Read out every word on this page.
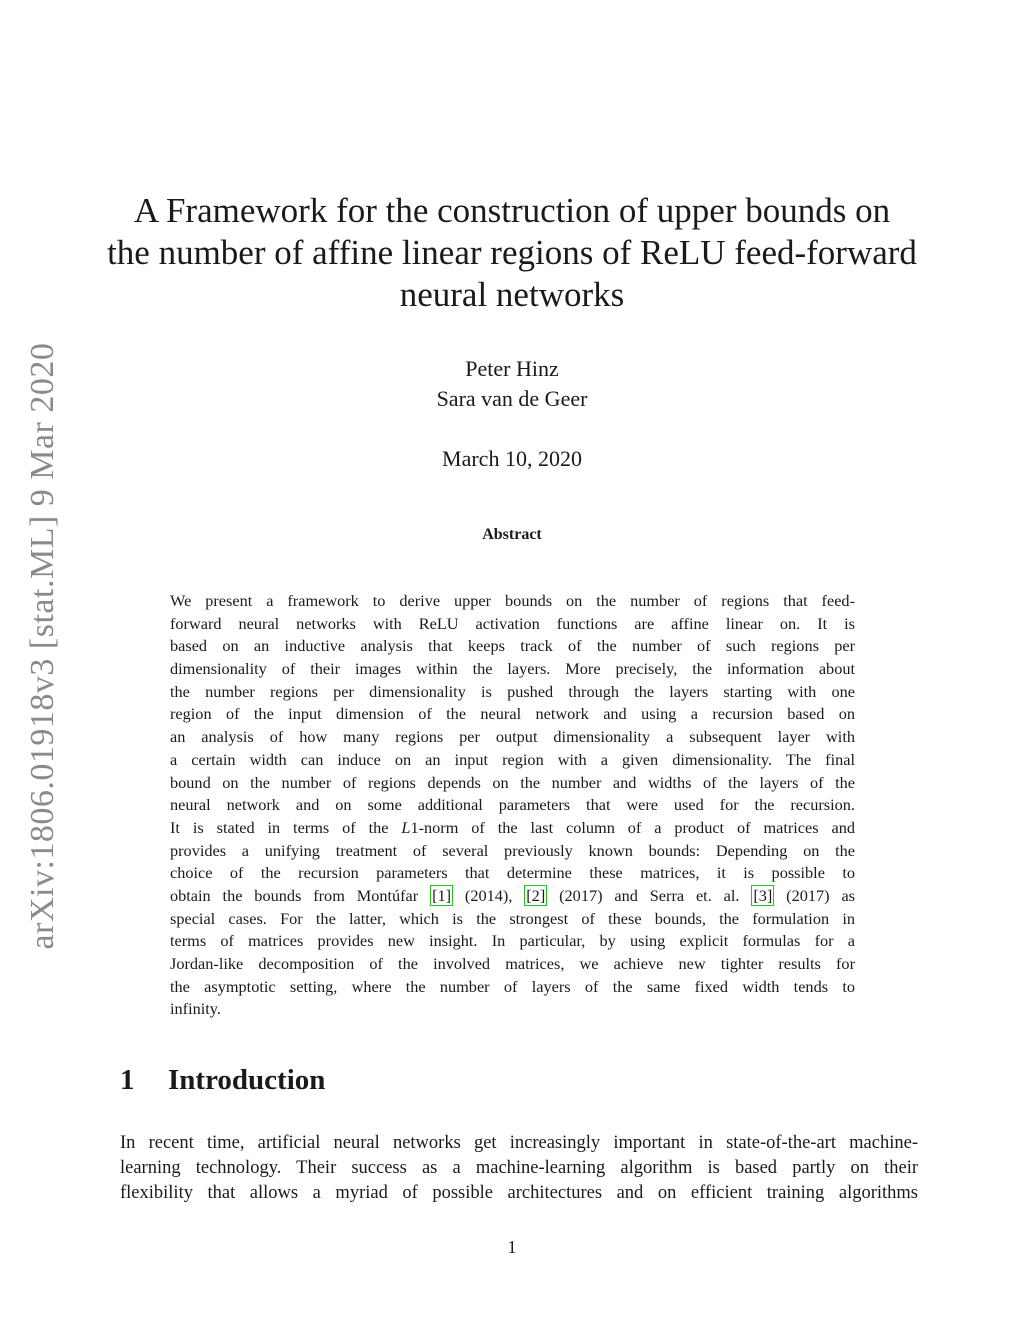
arXiv:1806.01918v3 [stat.ML] 9 Mar 2020
A Framework for the construction of upper bounds on
the number of affine linear regions of ReLU feed-forward
neural networks
Peter Hinz
Sara van de Geer
March 10, 2020
Abstract
We present a framework to derive upper bounds on the number of regions that feed-
forward neural networks with ReLU activation functions are affine linear on. It is
based on an inductive analysis that keeps track of the number of such regions per
dimensionality of their images within the layers. More precisely, the information about
the number regions per dimensionality is pushed through the layers starting with one
region of the input dimension of the neural network and using a recursion based on
an analysis of how many regions per output dimensionality a subsequent layer with
a certain width can induce on an input region with a given dimensionality. The final
bound on the number of regions depends on the number and widths of the layers of the
neural network and on some additional parameters that were used for the recursion.
It is stated in terms of the L1-norm of the last column of a product of matrices and
provides a unifying treatment of several previously known bounds: Depending on the
choice of the recursion parameters that determine these matrices, it is possible to
obtain the bounds from Montúfar [1] (2014), [2] (2017) and Serra et. al. [3] (2017) as
special cases. For the latter, which is the strongest of these bounds, the formulation in
terms of matrices provides new insight. In particular, by using explicit formulas for a
Jordan-like decomposition of the involved matrices, we achieve new tighter results for
the asymptotic setting, where the number of layers of the same fixed width tends to
infinity.
1 Introduction
In recent time, artificial neural networks get increasingly important in state-of-the-art machine-
learning technology. Their success as a machine-learning algorithm is based partly on their
flexibility that allows a myriad of possible architectures and on efficient training algorithms
1
